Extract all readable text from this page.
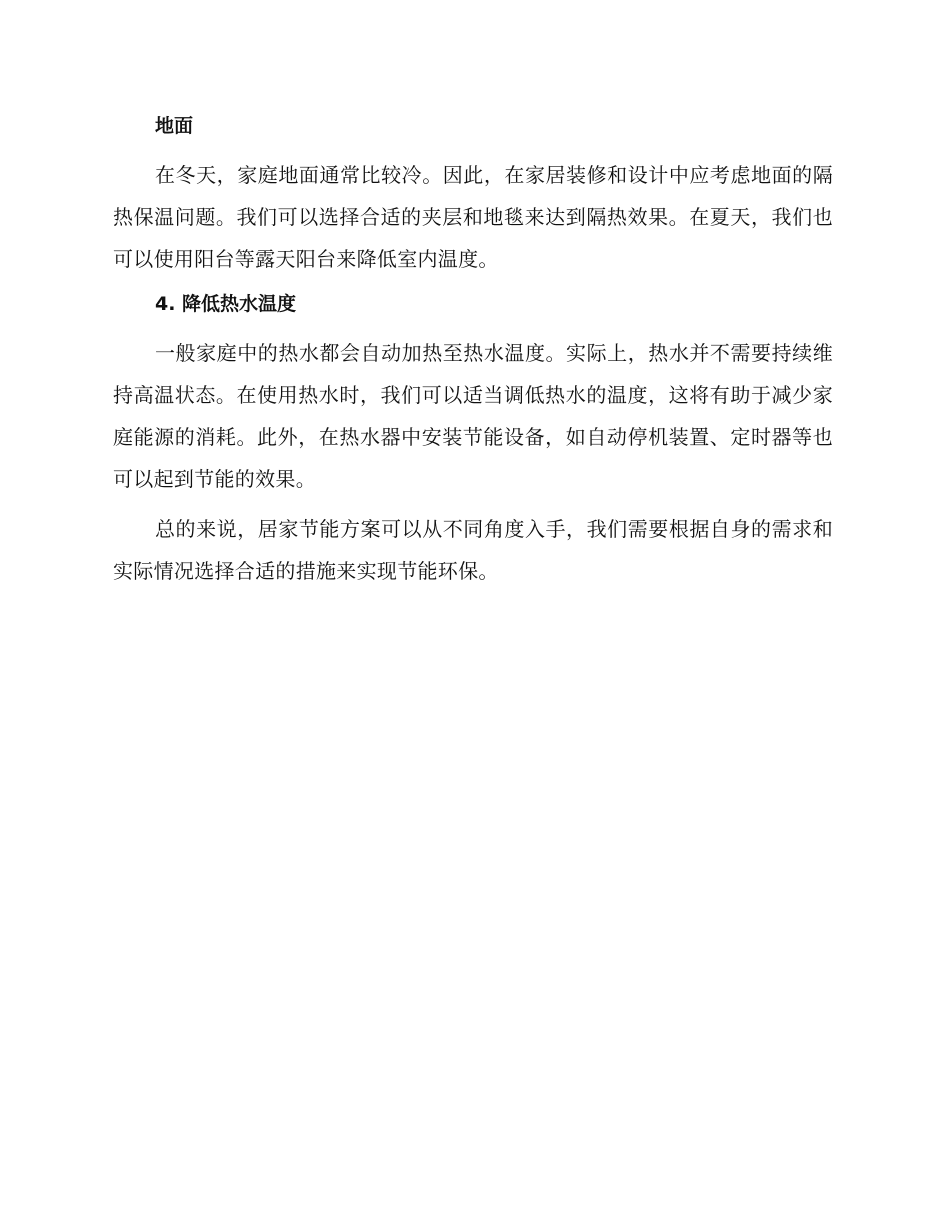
地面

在冬天，家庭地面通常比较冷。因此，在家居装修和设计中应考虑地面的隔热保温问题。我们可以选择合适的夹层和地毯来达到隔热效果。在夏天，我们也可以使用阳台等露天阳台来降低室内温度。

4. 降低热水温度

一般家庭中的热水都会自动加热至热水温度。实际上，热水并不需要持续维持高温状态。在使用热水时，我们可以适当调低热水的温度，这将有助于减少家庭能源的消耗。此外，在热水器中安装节能设备，如自动停机装置、定时器等也可以起到节能的效果。

总的来说，居家节能方案可以从不同角度入手，我们需要根据自身的需求和实际情况选择合适的措施来实现节能环保。
